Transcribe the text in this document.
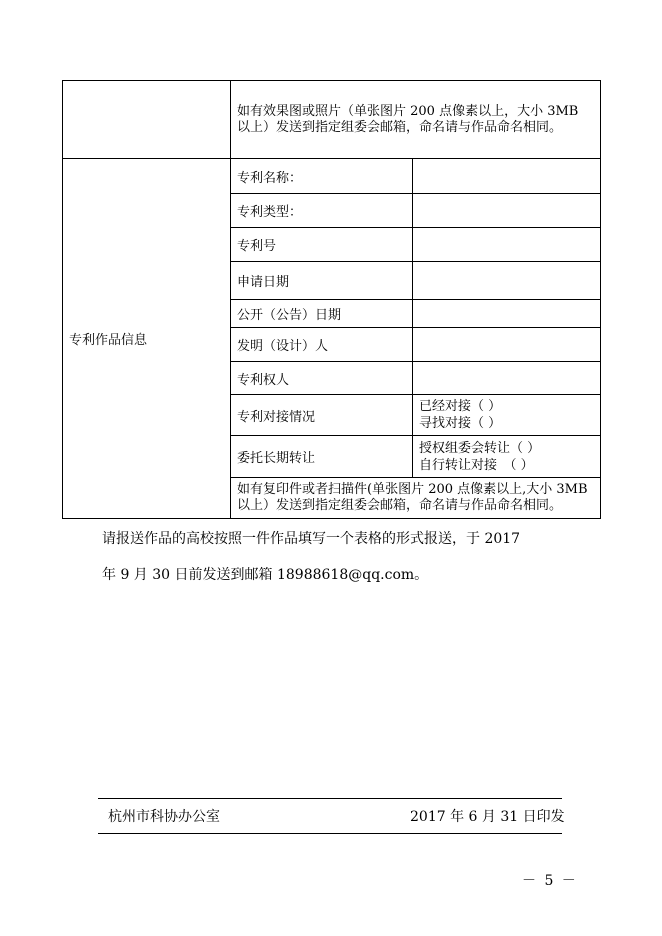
	如有效果图或照片（单张图片 200 点像素以上，大小 3MB 以上）发送到指定组委会邮箱，命名请与作品命名相同。	
专利作品信息	专利名称：	
	专利类型：	
	专利号	
	申请日期	
	公开（公告）日期	
	发明（设计）人	
	专利权人	
	专利对接情况	已经对接（ ）
寻找对接（ ）

	委托长期转让	授权组委会转让（ ）
自行转让对接　（ ）

	如有复印件或者扫描件(单张图片 200 点像素以上,大小 3MB 以上）发送到指定组委会邮箱，命名请与作品命名相同。	
请报送作品的高校按照一件作品填写一个表格的形式报送，于 2017
年 9 月 30 日前发送到邮箱 18988618@qq.com。
杭州市科协办公室	2017 年 6 月 31 日印发
－ 5 －
